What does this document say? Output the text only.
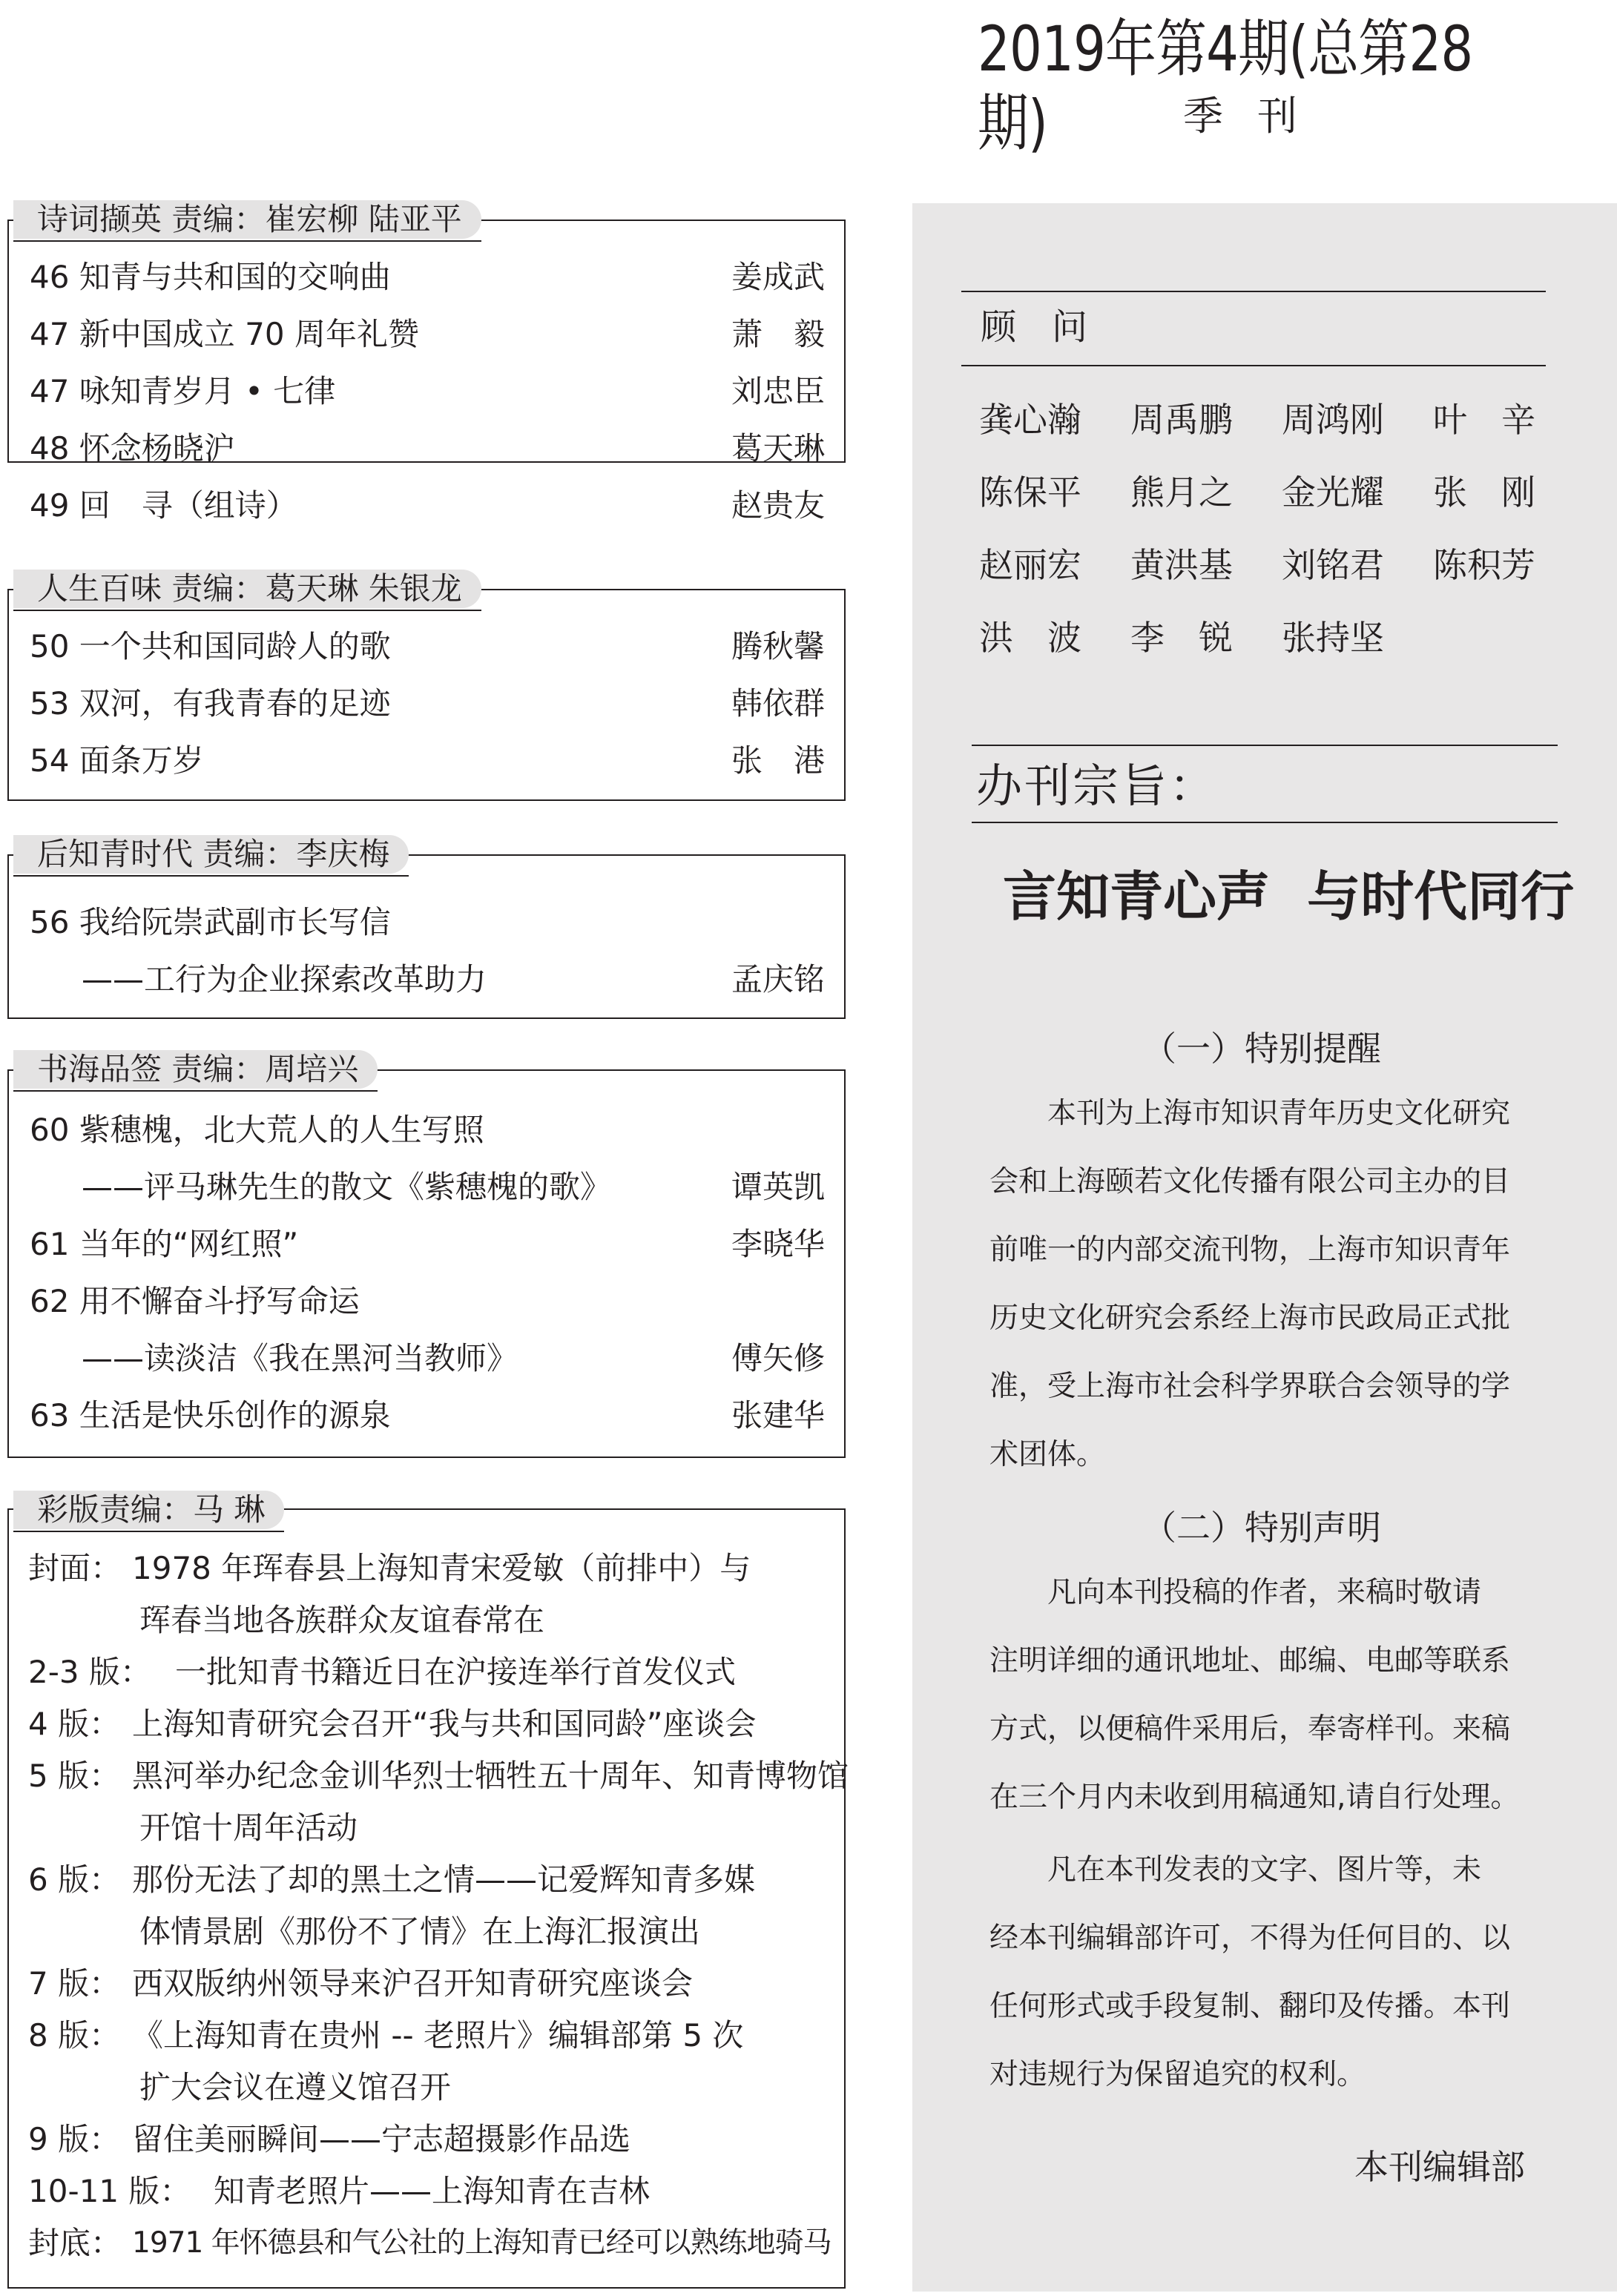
2019年第4期(总第28期)	季刊
诗词撷英 责编：崔宏柳 陆亚平
46 知青与共和国的交响曲	姜成武
47 新中国成立 70 周年礼赞	萧　毅
47 咏知青岁月 • 七律	刘忠臣
48 怀念杨晓沪	葛天琳
49 回　寻（组诗）	赵贵友
人生百味 责编：葛天琳 朱银龙
50 一个共和国同龄人的歌	腾秋馨
53 双河，有我青春的足迹	韩依群
54 面条万岁	张　港
后知青时代 责编：李庆梅
56 我给阮崇武副市长写信
——工行为企业探索改革助力	孟庆铭
书海品签 责编：周培兴
60 紫穗槐，北大荒人的人生写照
——评马琳先生的散文《紫穗槐的歌》	谭英凯
61 当年的“网红照”	李晓华
62 用不懈奋斗抒写命运
——读淡洁《我在黑河当教师》	傅矢修
63 生活是快乐创作的源泉	张建华
彩版责编：马 琳
封面： 1978 年珲春县上海知青宋爱敏（前排中）与
珲春当地各族群众友谊春常在
2-3 版： 一批知青书籍近日在沪接连举行首发仪式
4 版： 上海知青研究会召开“我与共和国同龄”座谈会
5 版： 黑河举办纪念金训华烈士牺牲五十周年、知青博物馆
开馆十周年活动
6 版： 那份无法了却的黑土之情——记爱辉知青多媒
体情景剧《那份不了情》在上海汇报演出
7 版： 西双版纳州领导来沪召开知青研究座谈会
8 版： 《上海知青在贵州 -- 老照片》编辑部第 5 次
扩大会议在遵义馆召开
9 版： 留住美丽瞬间——宁志超摄影作品选
10-11 版： 知青老照片——上海知青在吉林
封底： 1971 年怀德县和气公社的上海知青已经可以熟练地骑马
顾问
龚心瀚	周禹鹏	周鸿刚	叶　辛
陈保平	熊月之	金光耀	张　刚
赵丽宏	黄洪基	刘铭君	陈积芳
洪　波	李　锐	张持坚
办刊宗旨：
言知青心声  与时代同行
（一）特别提醒
　　本刊为上海市知识青年历史文化研究
会和上海颐若文化传播有限公司主办的目
前唯一的内部交流刊物，上海市知识青年
历史文化研究会系经上海市民政局正式批
准，受上海市社会科学界联合会领导的学
术团体。
（二）特别声明
　　凡向本刊投稿的作者，来稿时敬请
注明详细的通讯地址、邮编、电邮等联系
方式，以便稿件采用后，奉寄样刊。来稿
在三个月内未收到用稿通知,请自行处理。
　　凡在本刊发表的文字、图片等，未
经本刊编辑部许可，不得为任何目的、以
任何形式或手段复制、翻印及传播。本刊
对违规行为保留追究的权利。
本刊编辑部
